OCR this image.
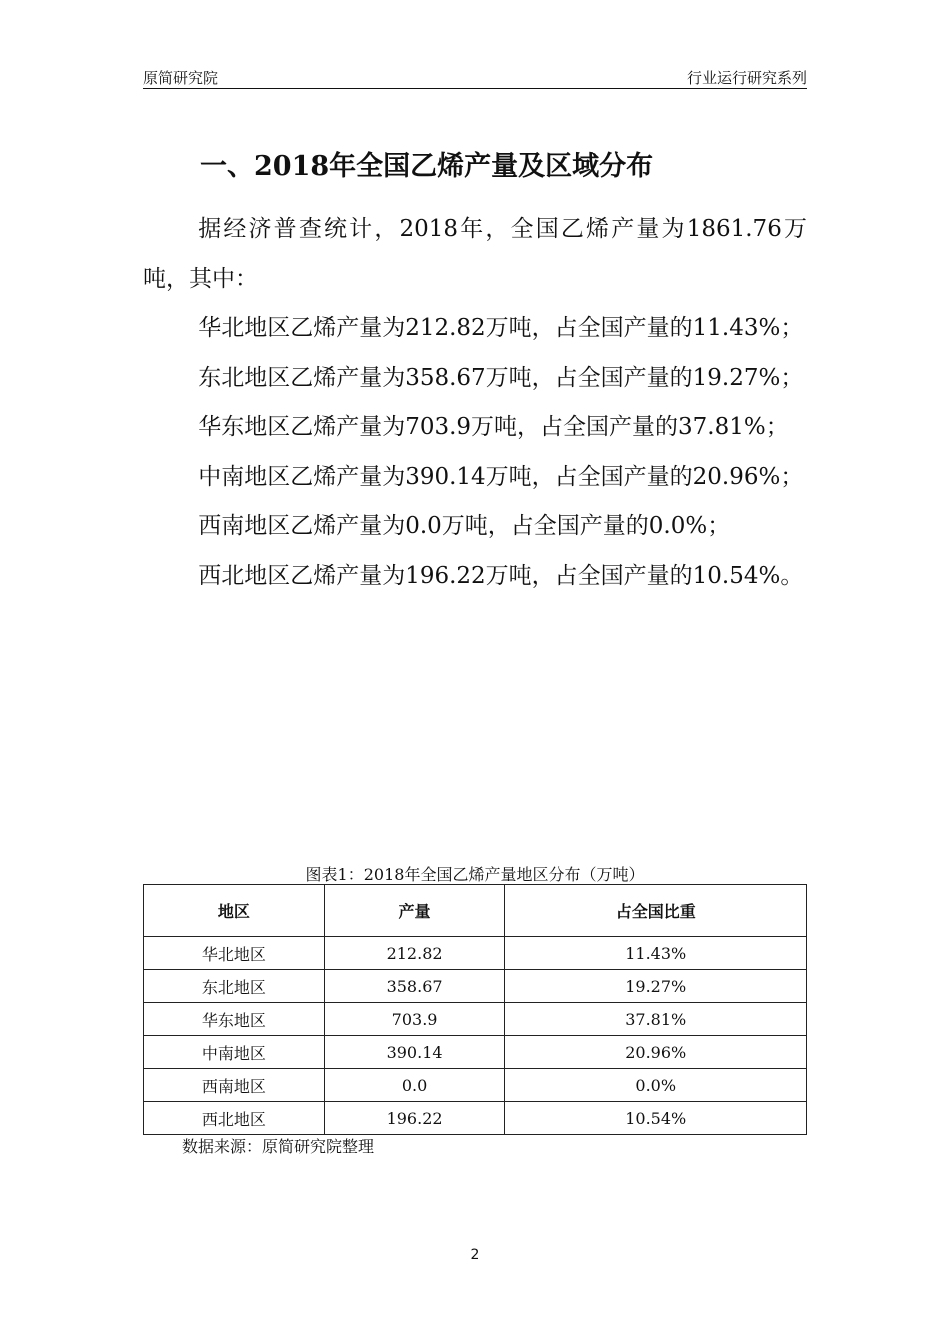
原简研究院	行业运行研究系列
一、2018年全国乙烯产量及区域分布

据经济普查统计，2018年，全国乙烯产量为1861.76万吨，其中：

华北地区乙烯产量为212.82万吨，占全国产量的11.43%；

东北地区乙烯产量为358.67万吨，占全国产量的19.27%；

华东地区乙烯产量为703.9万吨，占全国产量的37.81%；

中南地区乙烯产量为390.14万吨，占全国产量的20.96%；

西南地区乙烯产量为0.0万吨，占全国产量的0.0%；

西北地区乙烯产量为196.22万吨，占全国产量的10.54%。

图表1：2018年全国乙烯产量地区分布（万吨）
地区	产量	占全国比重
华北地区	212.82	11.43%
东北地区	358.67	19.27%
华东地区	703.9	37.81%
中南地区	390.14	20.96%
西南地区	0.0	0.0%
西北地区	196.22	10.54%
数据来源：原简研究院整理
2
